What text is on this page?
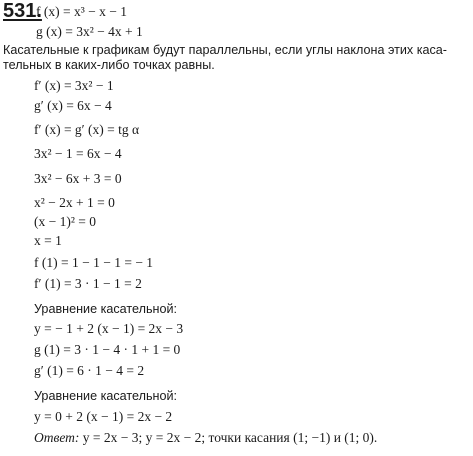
531.
f (x) = x³ − x − 1
g (x) = 3x² − 4x + 1
Касательные к графикам будут параллельны, если углы наклона этих каса-
тельных в каких-либо точках равны.
f′ (x) = 3x² − 1
g′ (x) = 6x − 4
f′ (x) = g′ (x) = tg α
3x² − 1 = 6x − 4
3x² − 6x + 3 = 0
x² − 2x + 1 = 0
(x − 1)² = 0
x = 1
f (1) = 1 − 1 − 1 = − 1
f′ (1) = 3 · 1 − 1 = 2
Уравнение касательной:
y = − 1 + 2 (x − 1) = 2x − 3
g (1) = 3 · 1 − 4 · 1 + 1 = 0
g′ (1) = 6 · 1 − 4 = 2
Уравнение касательной:
y = 0 + 2 (x − 1) = 2x − 2
Ответ: y = 2x − 3; y = 2x − 2; точки касания (1; −1) и (1; 0).
